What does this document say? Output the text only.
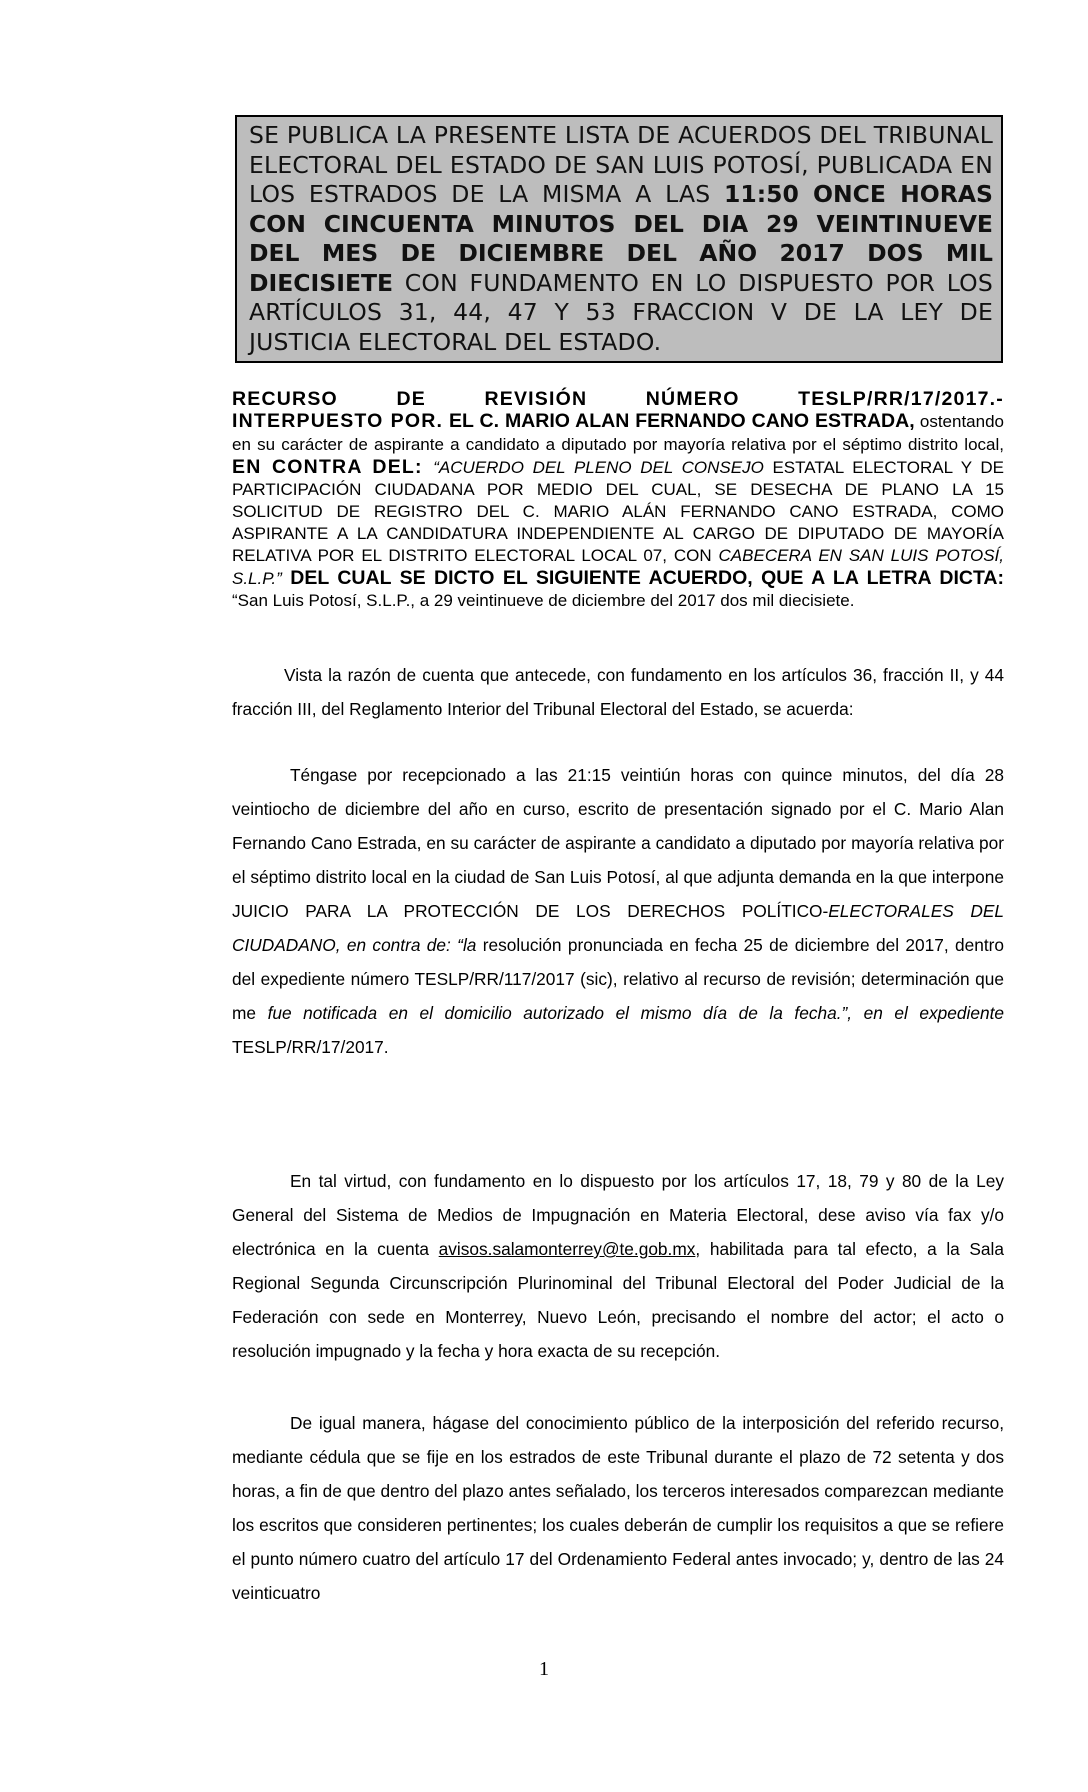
SE PUBLICA LA PRESENTE LISTA DE ACUERDOS DEL TRIBUNAL ELECTORAL DEL ESTADO DE SAN LUIS POTOSÍ, PUBLICADA EN LOS ESTRADOS DE LA MISMA A LAS 11:50 ONCE HORAS CON CINCUENTA MINUTOS DEL DIA 29 VEINTINUEVE DEL MES DE DICIEMBRE DEL AÑO 2017 DOS MIL DIECISIETE CON FUNDAMENTO EN LO DISPUESTO POR LOS ARTÍCULOS 31, 44, 47 Y 53 FRACCION V DE LA LEY DE JUSTICIA ELECTORAL DEL ESTADO.
RECURSO	DE	REVISIÓN	NÚMERO	TESLP/RR/17/2017.-
INTERPUESTO POR. EL C. MARIO ALAN FERNANDO CANO ESTRADA, ostentando en su carácter de aspirante a candidato a diputado por mayoría relativa por el séptimo distrito local, EN CONTRA DEL: “ACUERDO DEL PLENO DEL CONSEJO ESTATAL ELECTORAL Y DE PARTICIPACIÓN CIUDADANA POR MEDIO DEL CUAL, SE DESECHA DE PLANO LA 15 SOLICITUD DE REGISTRO DEL C. MARIO ALÁN FERNANDO CANO ESTRADA, COMO ASPIRANTE A LA CANDIDATURA INDEPENDIENTE AL CARGO DE DIPUTADO DE MAYORÍA RELATIVA POR EL DISTRITO ELECTORAL LOCAL 07, CON CABECERA EN SAN LUIS POTOSÍ, S.L.P.” DEL CUAL SE DICTO EL SIGUIENTE ACUERDO, QUE A LA LETRA DICTA: “San Luis Potosí, S.L.P., a 29 veintinueve de diciembre del 2017 dos mil diecisiete.
Vista la razón de cuenta que antecede, con fundamento en los artículos 36, fracción II, y 44 fracción III, del Reglamento Interior del Tribunal Electoral del Estado, se acuerda:
Téngase por recepcionado a las 21:15 veintiún horas con quince minutos, del día 28 veintiocho de diciembre del año en curso, escrito de presentación signado por el C. Mario Alan Fernando Cano Estrada, en su carácter de aspirante a candidato a diputado por mayoría relativa por el séptimo distrito local en la ciudad de San Luis Potosí, al que adjunta demanda en la que interpone JUICIO PARA LA PROTECCIÓN DE LOS DERECHOS POLÍTICO-ELECTORALES DEL CIUDADANO, en contra de: “la resolución pronunciada en fecha 25 de diciembre del 2017, dentro del expediente número TESLP/RR/117/2017 (sic), relativo al recurso de revisión; determinación que me fue notificada en el domicilio autorizado el mismo día de la fecha.”, en el expediente TESLP/RR/17/2017.
En tal virtud, con fundamento en lo dispuesto por los artículos 17, 18, 79 y 80 de la Ley General del Sistema de Medios de Impugnación en Materia Electoral, dese aviso vía fax y/o electrónica en la cuenta avisos.salamonterrey@te.gob.mx, habilitada para tal efecto, a la Sala Regional Segunda Circunscripción Plurinominal del Tribunal Electoral del Poder Judicial de la Federación con sede en Monterrey, Nuevo León, precisando el nombre del actor; el acto o resolución impugnado y la fecha y hora exacta de su recepción.
De igual manera, hágase del conocimiento público de la interposición del referido recurso, mediante cédula que se fije en los estrados de este Tribunal durante el plazo de 72 setenta y dos horas, a fin de que dentro del plazo antes señalado, los terceros interesados comparezcan mediante los escritos que consideren pertinentes; los cuales deberán de cumplir los requisitos a que se refiere el punto número cuatro del artículo 17 del Ordenamiento Federal antes invocado; y, dentro de las 24 veinticuatro
1
